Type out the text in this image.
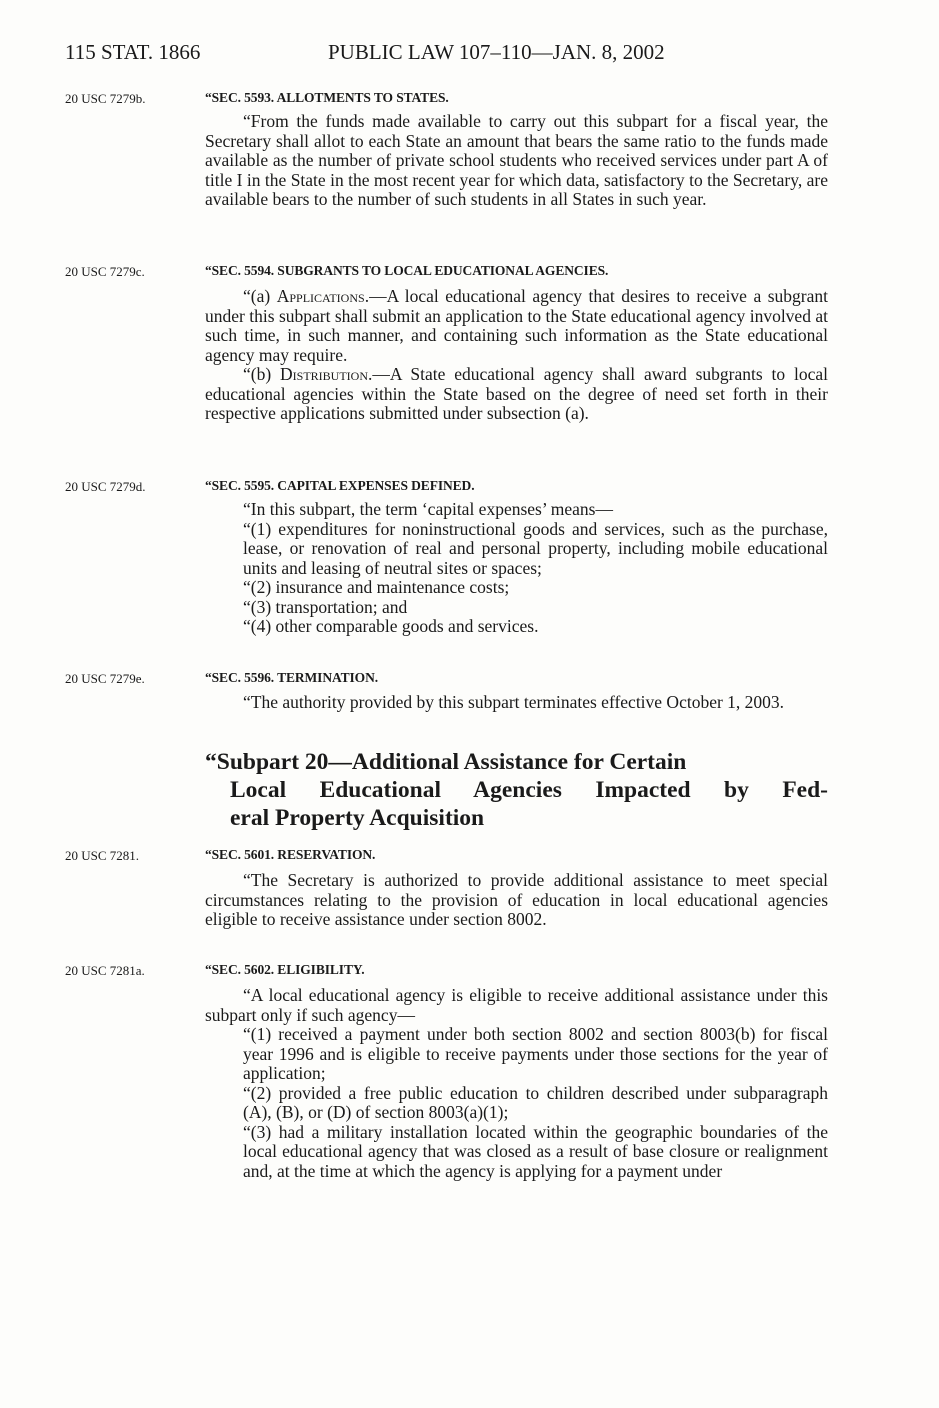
115 STAT. 1866	PUBLIC LAW 107–110—JAN. 8, 2002
20 USC 7279b.	“SEC. 5593. ALLOTMENTS TO STATES.

“From the funds made available to carry out this subpart for a fiscal year, the Secretary shall allot to each State an amount that bears the same ratio to the funds made available as the number of private school students who received services under part A of title I in the State in the most recent year for which data, satisfactory to the Secretary, are available bears to the number of such students in all States in such year.

20 USC 7279c.	“SEC. 5594. SUBGRANTS TO LOCAL EDUCATIONAL AGENCIES.

“(a) Applications.—A local educational agency that desires to receive a subgrant under this subpart shall submit an application to the State educational agency involved at such time, in such manner, and containing such information as the State educational agency may require.

“(b) Distribution.—A State educational agency shall award subgrants to local educational agencies within the State based on the degree of need set forth in their respective applications submitted under subsection (a).

20 USC 7279d.	“SEC. 5595. CAPITAL EXPENSES DEFINED.

“In this subpart, the term ‘capital expenses’ means—

“(1) expenditures for noninstructional goods and services, such as the purchase, lease, or renovation of real and personal property, including mobile educational units and leasing of neutral sites or spaces;

“(2) insurance and maintenance costs;

“(3) transportation; and

“(4) other comparable goods and services.

20 USC 7279e.	“SEC. 5596. TERMINATION.

“The authority provided by this subpart terminates effective October 1, 2003.

“Subpart 20—Additional Assistance for Certain
Local Educational Agencies Impacted by Fed-
eral Property Acquisition
20 USC 7281.	“SEC. 5601. RESERVATION.

“The Secretary is authorized to provide additional assistance to meet special circumstances relating to the provision of education in local educational agencies eligible to receive assistance under section 8002.

20 USC 7281a.	“SEC. 5602. ELIGIBILITY.

“A local educational agency is eligible to receive additional assistance under this subpart only if such agency—

“(1) received a payment under both section 8002 and section 8003(b) for fiscal year 1996 and is eligible to receive payments under those sections for the year of application;

“(2) provided a free public education to children described under subparagraph (A), (B), or (D) of section 8003(a)(1);

“(3) had a military installation located within the geographic boundaries of the local educational agency that was closed as a result of base closure or realignment and, at the time at which the agency is applying for a payment under
